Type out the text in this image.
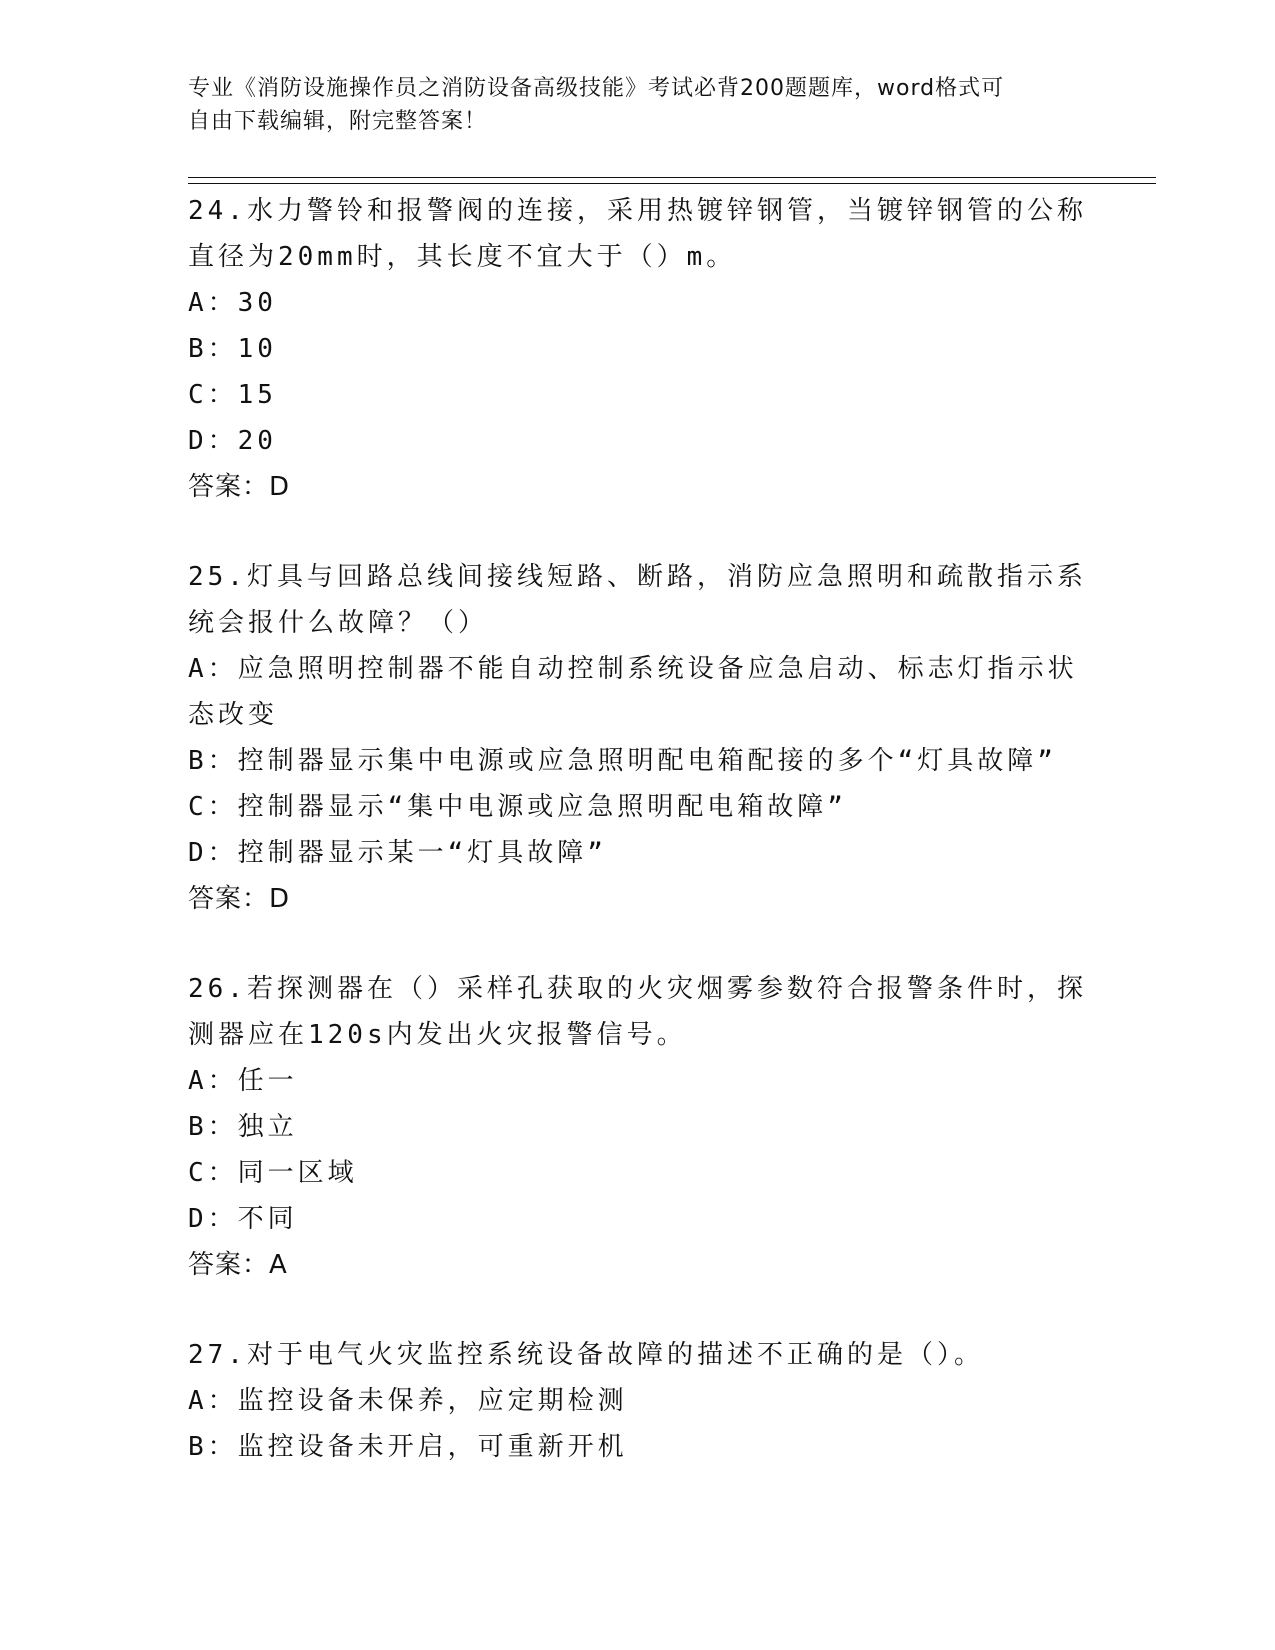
专业《消防设施操作员之消防设备高级技能》考试必背200题题库，word格式可
自由下载编辑，附完整答案！
24.水力警铃和报警阀的连接，采用热镀锌钢管，当镀锌钢管的公称直径为20mm时，其长度不宜大于（）m。
A：30
B：10
C：15
D：20
答案：D
25.灯具与回路总线间接线短路、断路，消防应急照明和疏散指示系统会报什么故障？（）
A：应急照明控制器不能自动控制系统设备应急启动、标志灯指示状态改变
B：控制器显示集中电源或应急照明配电箱配接的多个“灯具故障”
C：控制器显示“集中电源或应急照明配电箱故障”
D：控制器显示某一“灯具故障”
答案：D
26.若探测器在（）采样孔获取的火灾烟雾参数符合报警条件时，探测器应在120s内发出火灾报警信号。
A：任一
B：独立
C：同一区域
D：不同
答案：A
27.对于电气火灾监控系统设备故障的描述不正确的是（）。
A：监控设备未保养，应定期检测
B：监控设备未开启，可重新开机
